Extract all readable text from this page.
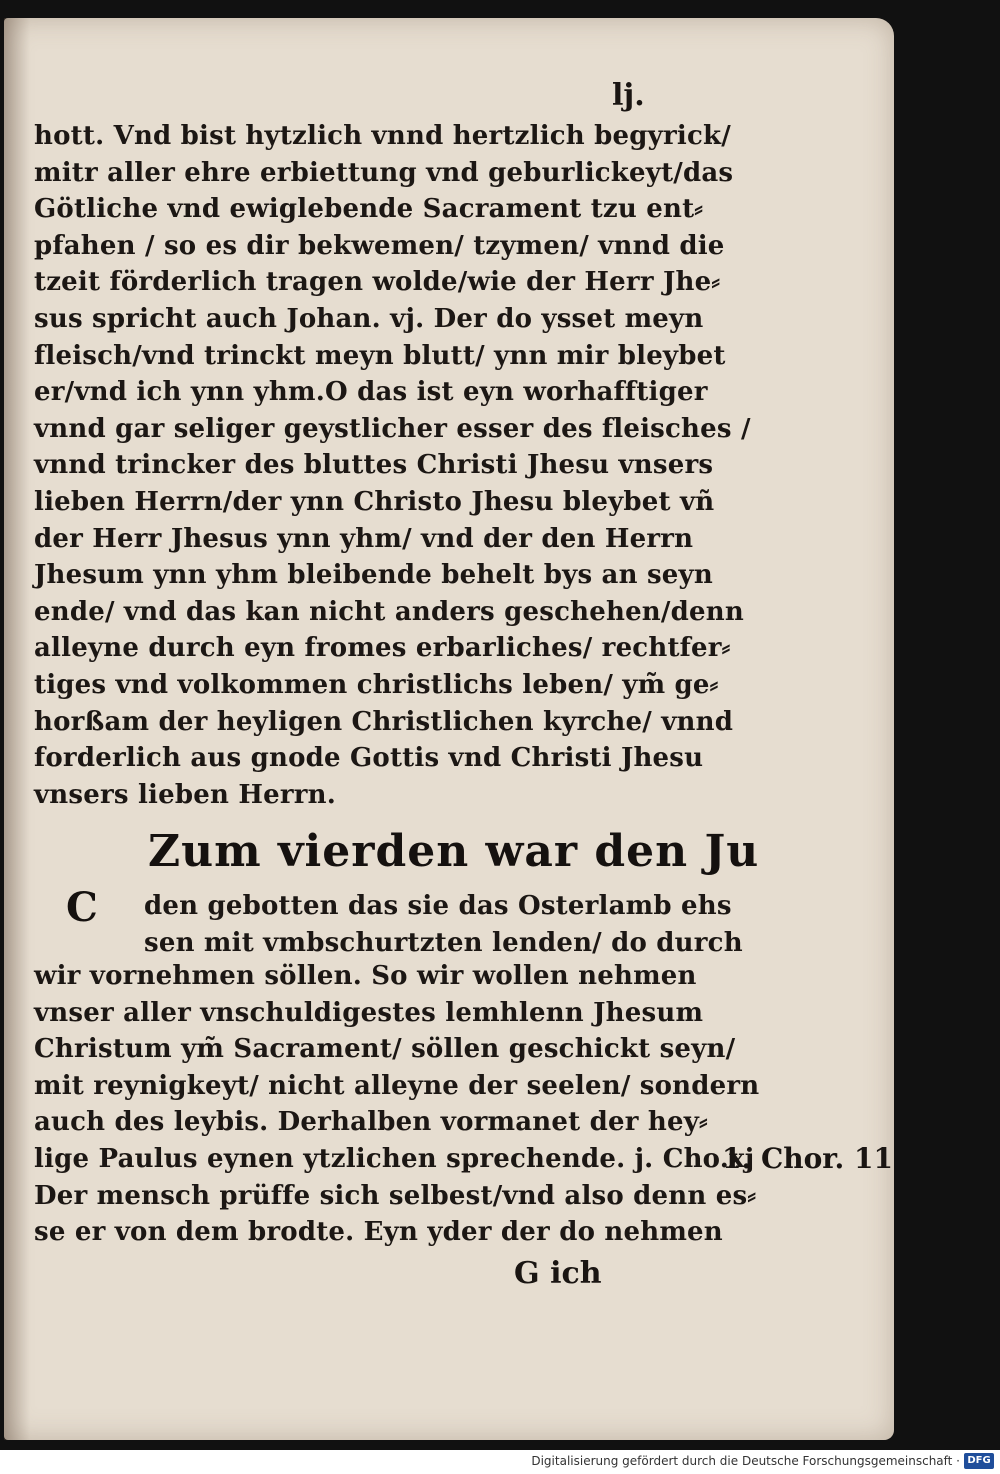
lj.
hott. Vnd bist hytzlich vnnd hertzlich begyrick/
mitr aller ehre erbiettung vnd geburlickeyt/das
Götliche vnd ewiglebende Sacrament tzu ent⸗
pfahen / so es dir bekwemen/ tzymen/ vnnd die
tzeit förderlich tragen wolde/wie der Herr Jhe⸗
sus spricht auch Johan. vj. Der do ysset meyn
fleisch/vnd trinckt meyn blutt/ ynn mir bleybet
er/vnd ich ynn yhm.O das ist eyn worhafftiger
vnnd gar seliger geystlicher esser des fleisches /
vnnd trincker des bluttes Christi Jhesu vnsers
lieben Herrn/der ynn Christo Jhesu bleybet vñ
der Herr Jhesus ynn yhm/ vnd der den Herrn
Jhesum ynn yhm bleibende behelt bys an seyn
ende/ vnd das kan nicht anders geschehen/denn
alleyne durch eyn fromes erbarliches/ rechtfer⸗
tiges vnd volkommen christlichs leben/ ym̃ ge⸗
horßam der heyligen Christlichen kyrche/ vnnd
forderlich aus gnode Gottis vnd Christi Jhesu
vnsers lieben Herrn.
Zum vierden war den Ju
C den gebotten das sie das Osterlamb ehs
sen mit vmbschurtzten lenden/ do durch
wir vornehmen söllen. So wir wollen nehmen
vnser aller vnschuldigestes lemhlenn Jhesum
Christum ym̃ Sacrament/ söllen geschickt seyn/
mit reynigkeyt/ nicht alleyne der seelen/ sondern
auch des leybis. Derhalben vormanet der hey⸗
lige Paulus eynen ytzlichen sprechende. j. Cho.xj
Der mensch prüffe sich selbest/vnd also denn es⸗
se er von dem brodte. Eyn yder der do nehmen
1. Chor. 11
G ich
Digitalisierung gefördert durch die Deutsche Forschungsgemeinschaft · DFG
